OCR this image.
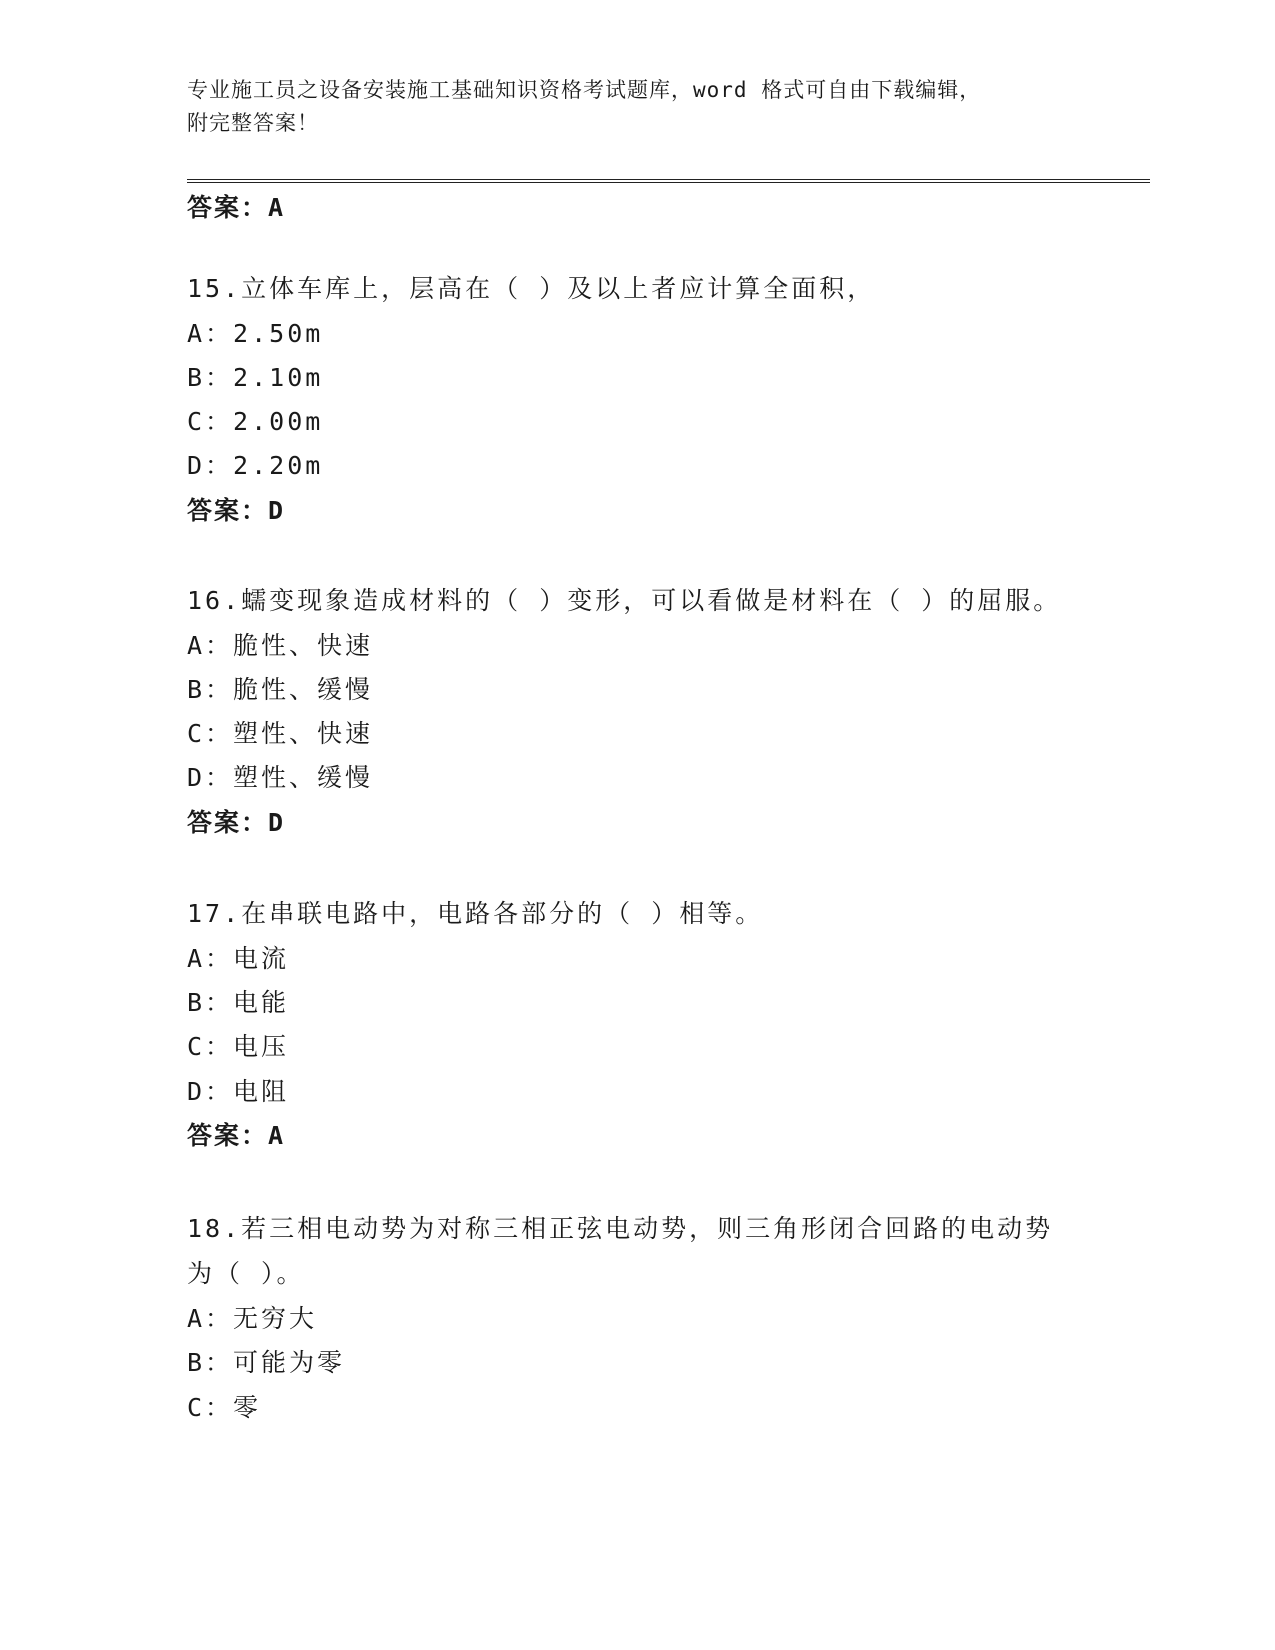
专业施工员之设备安装施工基础知识资格考试题库，word 格式可自由下载编辑，
附完整答案！
答案：A
15.立体车库上，层高在（ ）及以上者应计算全面积，
A：2.50m
B：2.10m
C：2.00m
D：2.20m
答案：D
16.蠕变现象造成材料的（ ）变形，可以看做是材料在（ ）的屈服。
A：脆性、快速
B：脆性、缓慢
C：塑性、快速
D：塑性、缓慢
答案：D
17.在串联电路中，电路各部分的（ ）相等。
A：电流
B：电能
C：电压
D：电阻
答案：A
18.若三相电动势为对称三相正弦电动势，则三角形闭合回路的电动势为（ ）。
A：无穷大
B：可能为零
C：零
